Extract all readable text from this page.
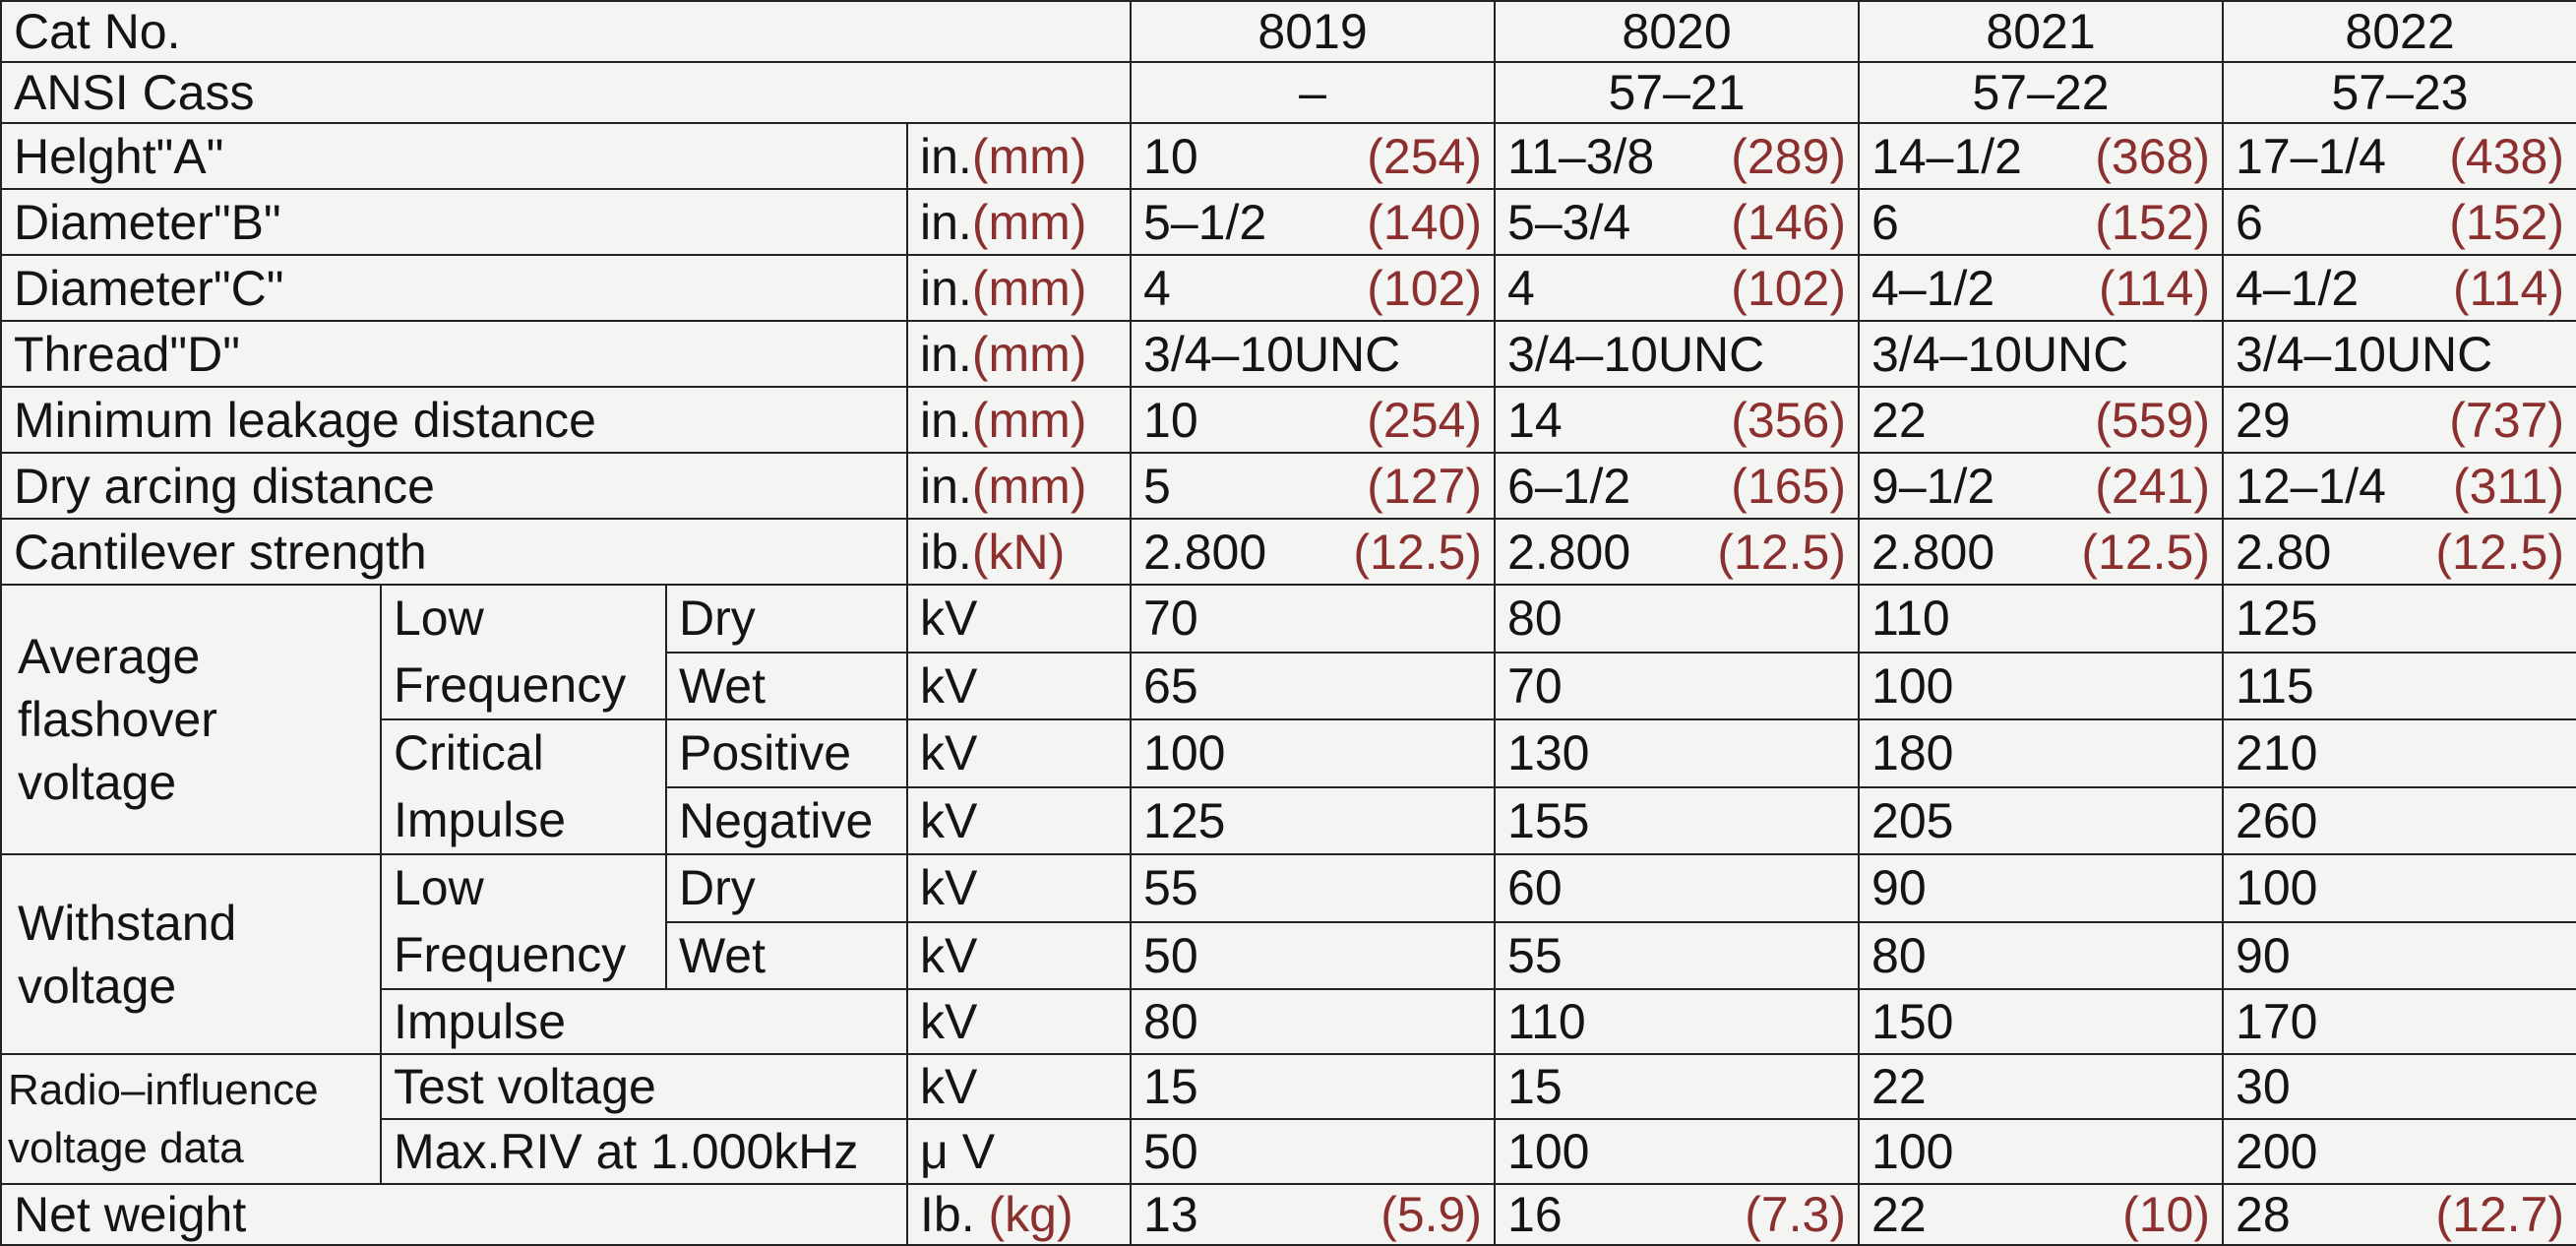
Cat No.				8019	8020	8021	8022
ANSI Cass				–	57–21	57–22	57–23
Helght"A"			in.(mm)	10 (254)	11–3/8 (289)	14–1/2 (368)	17–1/4 (438)

Diameter"B"			in.(mm)	5–1/2 (140)	5–3/4 (146)	6 (152)	6 (152)

Diameter"C"			in.(mm)	4 (102)	4 (102)	4–1/2 (114)	4–1/2 (114)

Thread"D"			in.(mm)	3/4–10UNC	3/4–10UNC	3/4–10UNC	3/4–10UNC

Minimum leakage distance			in.(mm)	10 (254)	14 (356)	22 (559)	29 (737)

Dry arcing distance			in.(mm)	5 (127)	6–1/2 (165)	9–1/2 (241)	12–1/4 (311)

Cantilever strength			ib.(kN)	2.800 (12.5)	2.800 (12.5)	2.800 (12.5)	2.80 (12.5)

Average flashover voltage	Low Frequency	Dry	kV	70	80	110	125
		Wet	kV	65	70	100	115
	Critical Impulse	Positive	kV	100	130	180	210
		Negative	kV	125	155	205	260
Withstand voltage	Low Frequency	Dry	kV	55	60	90	100
		Wet	kV	50	55	80	90
	Impulse		kV	80	110	150	170
Radio–influence voltage data	Test voltage		kV	15	15	22	30
	Max.RIV at 1.000kHz		μ V	50	100	100	200
Net weight			Ib. (kg)	13 (5.9)	16 (7.3)	22 (10)	28 (12.7)
